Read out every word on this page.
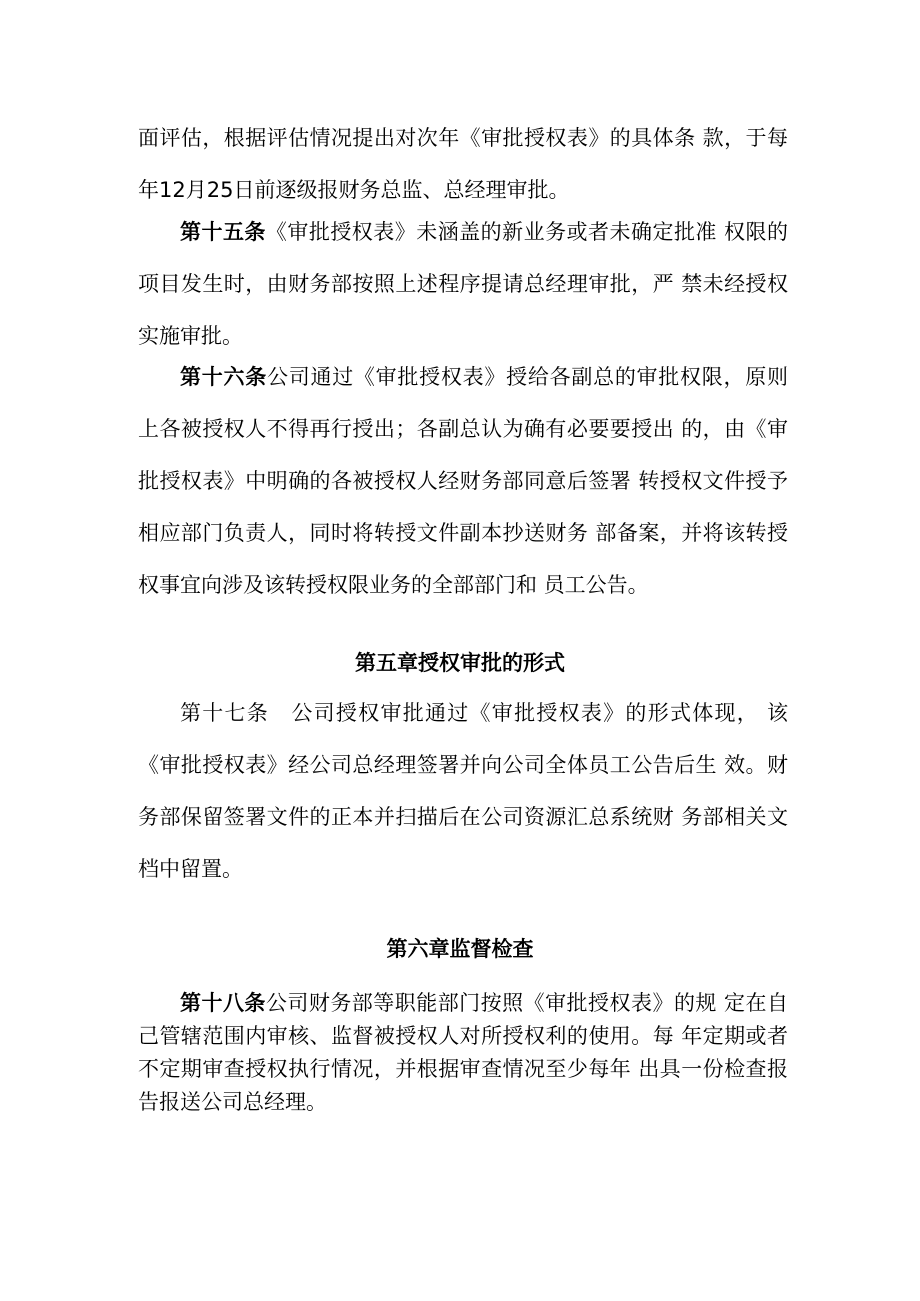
面评估，根据评估情况提出对次年《审批授权表》的具体条 款，于每年12月25日前逐级报财务总监、总经理审批。

第十五条《审批授权表》未涵盖的新业务或者未确定批准 权限的项目发生时，由财务部按照上述程序提请总经理审批，严 禁未经授权实施审批。

第十六条公司通过《审批授权表》授给各副总的审批权限，原则上各被授权人不得再行授出；各副总认为确有必要要授出 的，由《审批授权表》中明确的各被授权人经财务部同意后签署 转授权文件授予相应部门负责人，同时将转授文件副本抄送财务 部备案，并将该转授权事宜向涉及该转授权限业务的全部部门和 员工公告。

第五章授权审批的形式

第十七条　 公司授权审批通过《审批授权表》的形式体现， 该《审批授权表》经公司总经理签署并向公司全体员工公告后生 效。财务部保留签署文件的正本并扫描后在公司资源汇总系统财 务部相关文档中留置。

第六章监督检查

第十八条公司财务部等职能部门按照《审批授权表》的规 定在自己管辖范围内审核、监督被授权人对所授权利的使用。每 年定期或者不定期审查授权执行情况，并根据审查情况至少每年 出具一份检查报告报送公司总经理。
